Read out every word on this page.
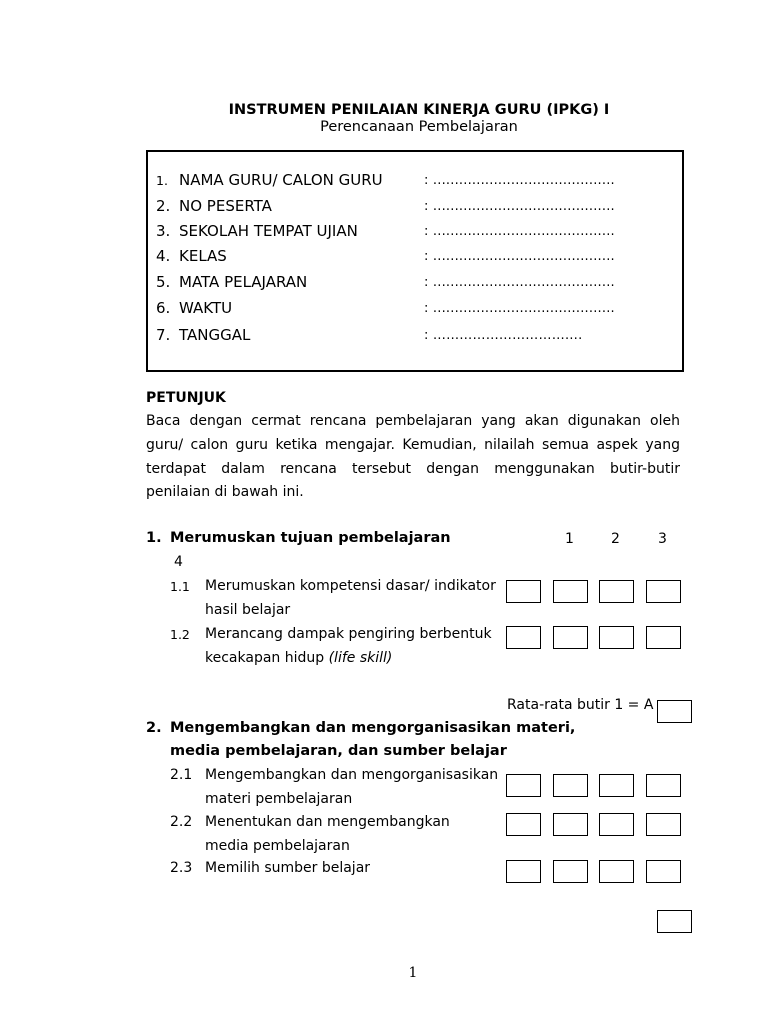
INSTRUMEN PENILAIAN KINERJA GURU (IPKG) I
Perencanaan Pembelajaran
1. NAMA GURU/ CALON GURU	: ..........................................
2. NO PESERTA	: ..........................................
3. SEKOLAH TEMPAT UJIAN	: ..........................................
4. KELAS	: ..........................................
5. MATA PELAJARAN	: ..........................................
6. WAKTU	: ..........................................
7. TANGGAL	: …………………………….
PETUNJUK
Baca dengan cermat rencana pembelajaran yang akan digunakan oleh
guru/ calon guru ketika mengajar. Kemudian, nilailah semua aspek yang
terdapat dalam rencana tersebut dengan menggunakan butir-butir
penilaian di bawah ini.
1. Merumuskan tujuan pembelajaran	1	2	3
4
1.1 Merumuskan kompetensi dasar/ indikator
hasil belajar
1.2 Merancang dampak pengiring berbentuk
kecakapan hidup (life skill)
Rata-rata butir 1 = A
2. Mengembangkan dan mengorganisasikan materi,
media pembelajaran, dan sumber belajar
2.1 Mengembangkan dan mengorganisasikan
materi pembelajaran
2.2 Menentukan dan mengembangkan
media pembelajaran
2.3 Memilih sumber belajar
1
